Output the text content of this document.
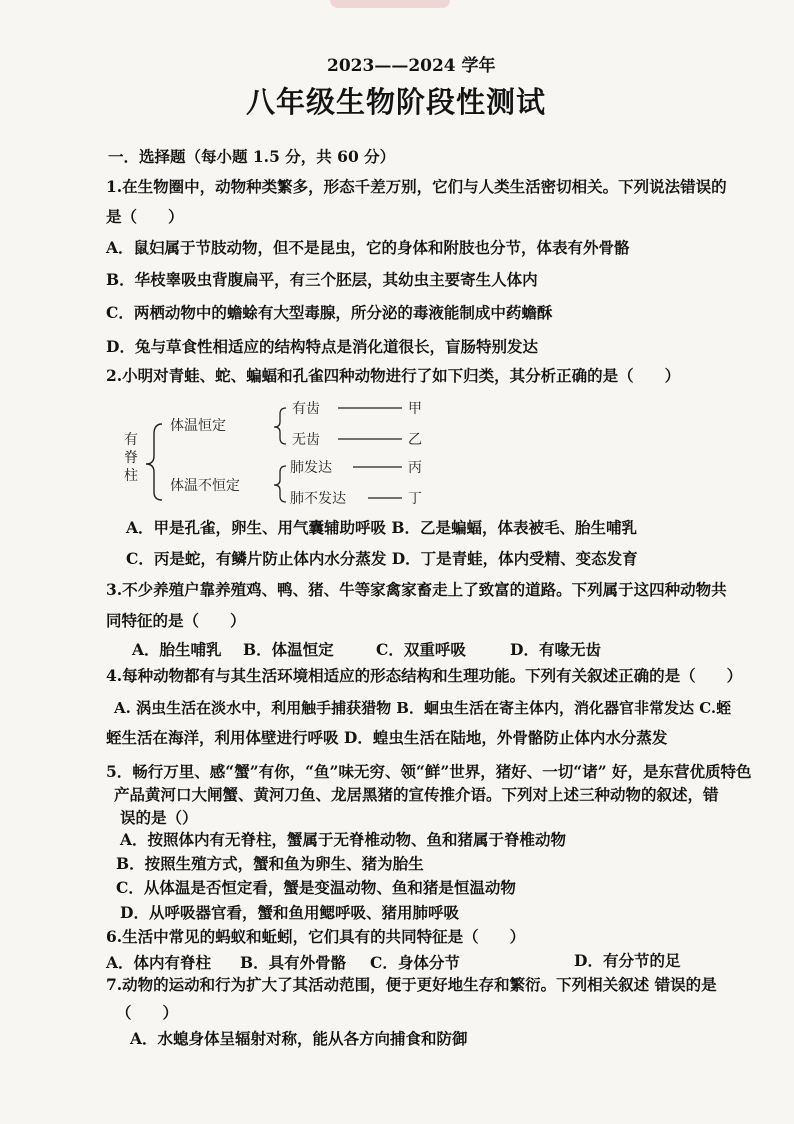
2023——2024 学年
八年级生物阶段性测试
一．选择题（每小题 1.5 分，共 60 分）
1.在生物圈中，动物种类繁多，形态千差万别，它们与人类生活密切相关。下列说法错误的
是（　　）
A．鼠妇属于节肢动物，但不是昆虫，它的身体和附肢也分节，体表有外骨骼
B．华枝睾吸虫背腹扁平，有三个胚层，其幼虫主要寄生人体内
C．两栖动物中的蟾蜍有大型毒腺，所分泌的毒液能制成中药蟾酥
D．兔与草食性相适应的结构特点是消化道很长，盲肠特别发达
2.小明对青蛙、蛇、蝙蝠和孔雀四种动物进行了如下归类，其分析正确的是（　　）
有
脊
柱
体温恒定
体温不恒定
有齿
无齿
肺发达
肺不发达
甲
乙
丙
丁
A．甲是孔雀，卵生、用气囊辅助呼吸 B．乙是蝙蝠，体表被毛、胎生哺乳
C．丙是蛇，有鳞片防止体内水分蒸发 D．丁是青蛙，体内受精、变态发育
3.不少养殖户靠养殖鸡、鸭、猪、牛等家禽家畜走上了致富的道路。下列属于这四种动物共
同特征的是（　　）
A．胎生哺乳 B．体温恒定	C．双重呼吸	D．有喙无齿
4.每种动物都有与其生活环境相适应的形态结构和生理功能。下列有关叙述正确的是（　　）
A. 涡虫生活在淡水中，利用触手捕获猎物 B．蛔虫生活在寄主体内，消化器官非常发达 C.蛭
蛭生活在海洋，利用体壁进行呼吸 D．蝗虫生活在陆地，外骨骼防止体内水分蒸发
5．畅行万里、感“蟹”有你，“鱼”味无穷、领“鲜”世界，猪好、一切“诸” 好，是东营优质特色
产品黄河口大闸蟹、黄河刀鱼、龙居黑猪的宣传推介语。下列对上述三种动物的叙述，错
误的是（）
A．按照体内有无脊柱，蟹属于无脊椎动物、鱼和猪属于脊椎动物
B．按照生殖方式，蟹和鱼为卵生、猪为胎生
C．从体温是否恒定看，蟹是变温动物、鱼和猪是恒温动物
D．从呼吸器官看，蟹和鱼用鳃呼吸、猪用肺呼吸
6.生活中常见的蚂蚁和蚯蚓，它们具有的共同特征是（　　）
A．体内有脊柱 B．具有外骨骼 C．身体分节	D．有分节的足
7.动物的运动和行为扩大了其活动范围，便于更好地生存和繁衍。下列相关叙述 错误的是
（　　）
A．水螅身体呈辐射对称，能从各方向捕食和防御
